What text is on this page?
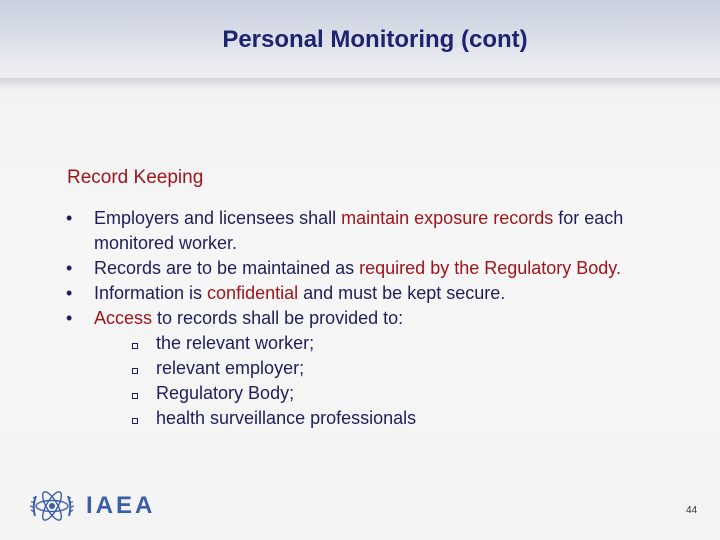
Personal Monitoring (cont)
Record Keeping
•	Employers and licensees shall maintain exposure records for each monitored worker.
•	Records are to be maintained as required by the Regulatory Body.
•	Information is confidential and must be kept secure.
•	Access to records shall be provided to:
the relevant worker;
relevant employer;
Regulatory Body;
health surveillance professionals
IAEA	44
